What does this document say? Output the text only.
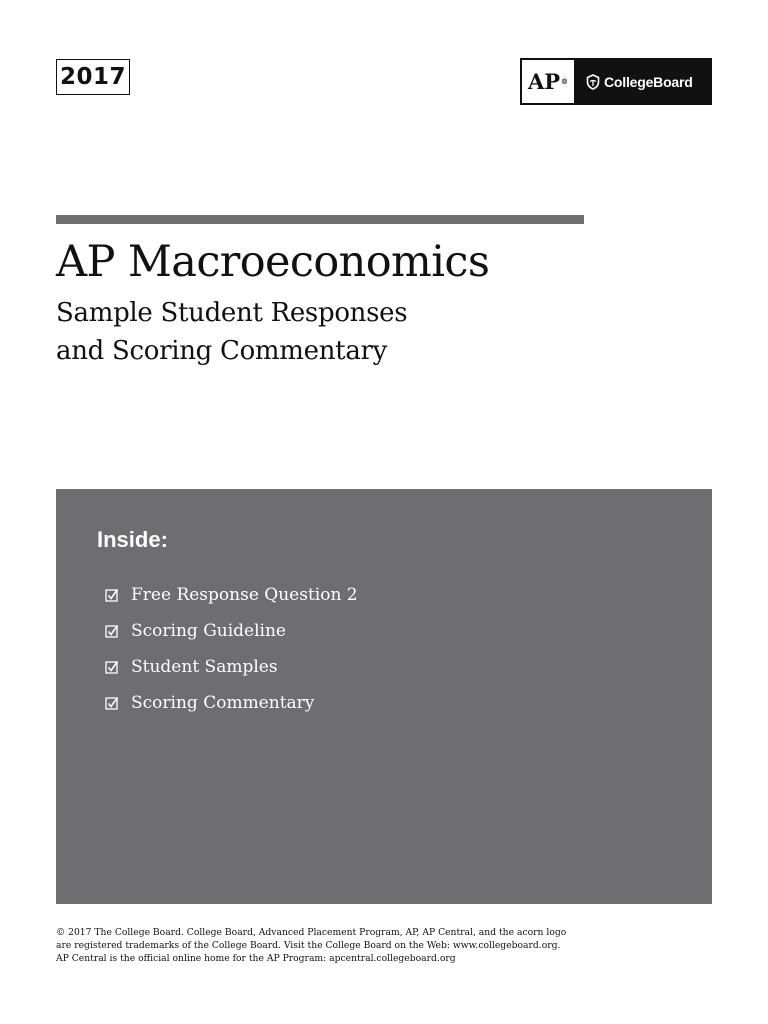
2017	AP ®	CollegeBoard
AP Macroeconomics
Sample Student Responses
and Scoring Commentary
Inside:
Free Response Question 2
Scoring Guideline
Student Samples
Scoring Commentary
© 2017 The College Board. College Board, Advanced Placement Program, AP, AP Central, and the acorn logo
are registered trademarks of the College Board. Visit the College Board on the Web: www.collegeboard.org.
AP Central is the official online home for the AP Program: apcentral.collegeboard.org
